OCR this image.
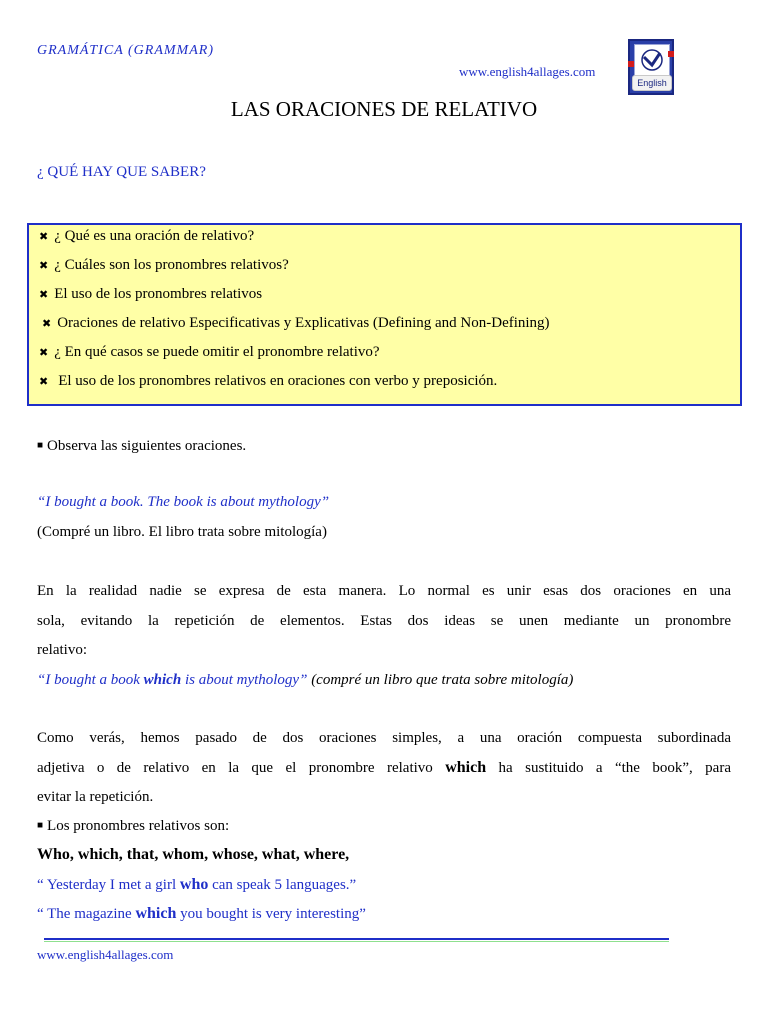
GRAMÁTICA (GRAMMAR)
www.english4allages.com
English
LAS ORACIONES DE RELATIVO
¿ QUÉ HAY QUE SABER?
✖ ¿ Qué es una oración de relativo?
✖ ¿ Cuáles son los pronombres relativos?
✖ El uso de los pronombres relativos
✖ Oraciones de relativo Especificativas y Explicativas (Defining and Non-Defining)
✖ ¿ En qué casos se puede omitir el pronombre relativo?
✖ El uso de los pronombres relativos en oraciones con verbo y preposición.
■ Observa las siguientes oraciones.
“I bought a book. The book is about mythology”
(Compré un libro. El libro trata sobre mitología)
En la realidad nadie se expresa de esta manera. Lo normal es unir esas dos oraciones en una
sola, evitando la repetición de elementos. Estas dos ideas se unen mediante un pronombre
relativo:
“I bought a book which is about mythology” (compré un libro que trata sobre mitología)
Como verás, hemos pasado de dos oraciones simples, a una oración compuesta subordinada
adjetiva o de relativo en la que el pronombre relativo which ha sustituido a “the book”, para
evitar la repetición.
■ Los pronombres relativos son:
Who, which, that, whom, whose, what, where,
“ Yesterday I met a girl who can speak 5 languages.”
“ The magazine which you bought is very interesting”
www.english4allages.com
